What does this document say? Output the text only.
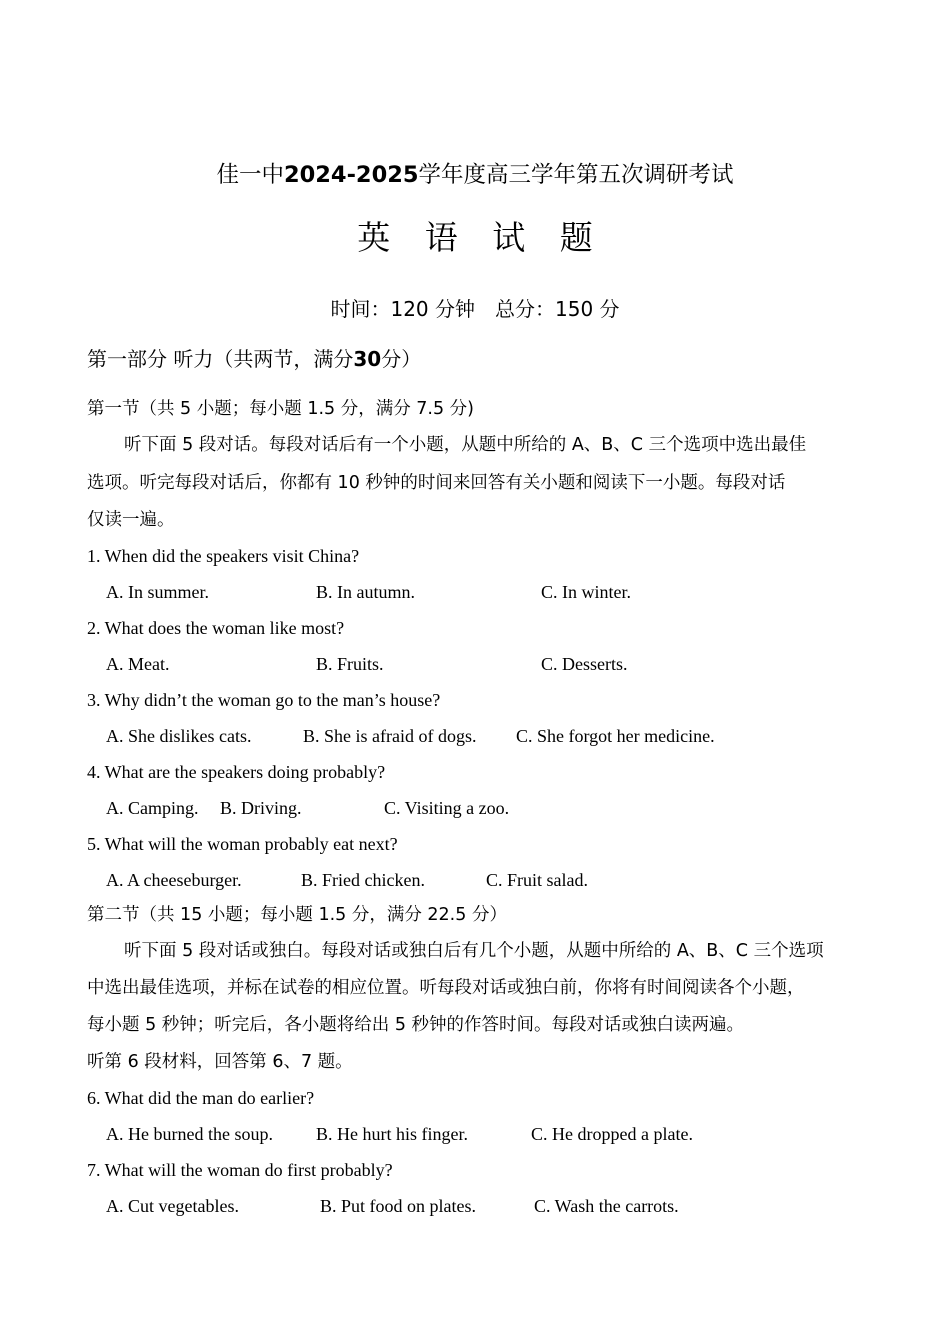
佳一中2024-2025学年度高三学年第五次调研考试
英 语 试 题
时间：120 分钟　总分：150 分
第一部分 听力（共两节，满分30分）
第一节（共 5 小题；每小题 1.5 分，满分 7.5 分)
听下面 5 段对话。每段对话后有一个小题，从题中所给的 A、B、C 三个选项中选出最佳
选项。听完每段对话后，你都有 10 秒钟的时间来回答有关小题和阅读下一小题。每段对话
仅读一遍。
1. When did the speakers visit China?
A. In summer.	B. In autumn.	C. In winter.
2. What does the woman like most?
A. Meat.	B. Fruits.	C. Desserts.
3. Why didn’t the woman go to the man’s house?
A. She dislikes cats.	B. She is afraid of dogs. C. She forgot her medicine.
4. What are the speakers doing probably?
A. Camping. B. Driving.	C. Visiting a zoo.
5. What will the woman probably eat next?
A. A cheeseburger.	B. Fried chicken.	C. Fruit salad.
第二节（共 15 小题；每小题 1.5 分，满分 22.5 分）
听下面 5 段对话或独白。每段对话或独白后有几个小题，从题中所给的 A、B、C 三个选项
中选出最佳选项，并标在试卷的相应位置。听每段对话或独白前，你将有时间阅读各个小题，
每小题 5 秒钟；听完后，各小题将给出 5 秒钟的作答时间。每段对话或独白读两遍。
听第 6 段材料，回答第 6、7 题。
6. What did the man do earlier?
A. He burned the soup. B. He hurt his finger.	C. He dropped a plate.
7. What will the woman do first probably?
A. Cut vegetables.	B. Put food on plates.	C. Wash the carrots.
